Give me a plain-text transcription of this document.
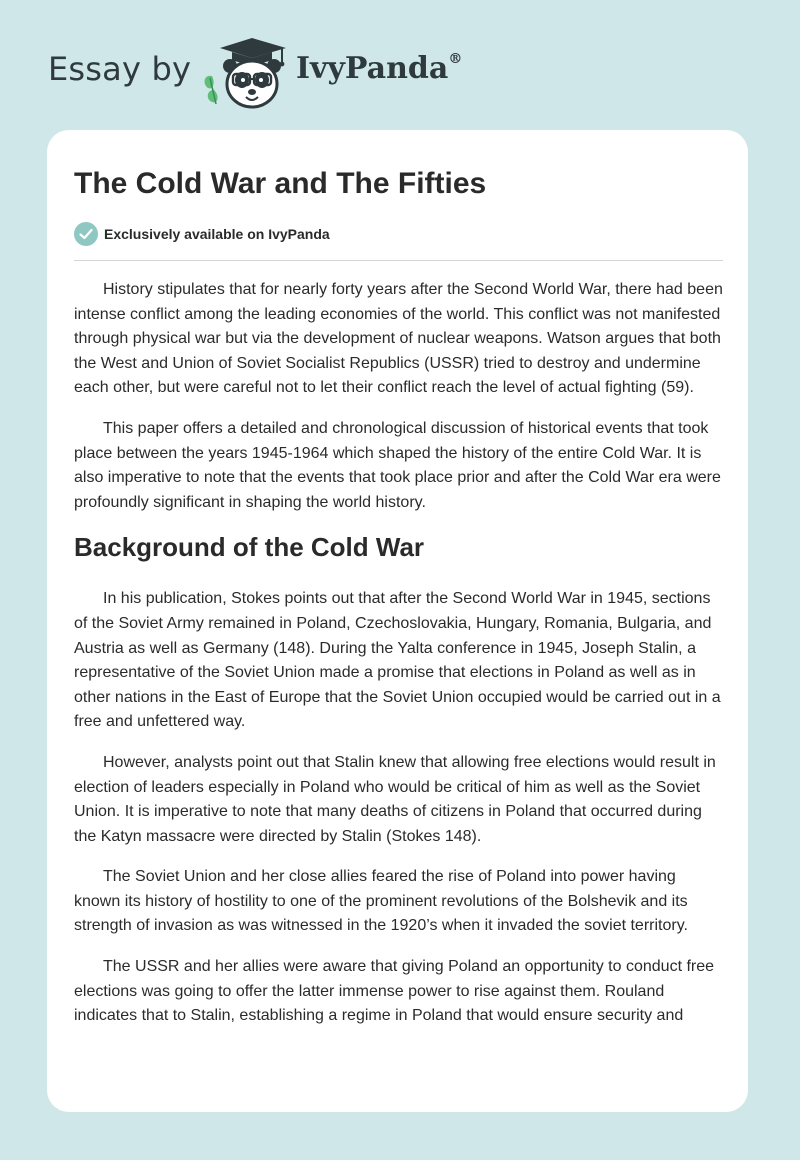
Essay by	IvyPanda®
The Cold War and The Fifties
Exclusively available on IvyPanda

History stipulates that for nearly forty years after the Second World War, there had been intense conflict among the leading economies of the world. This conflict was not manifested through physical war but via the development of nuclear weapons. Watson argues that both the West and Union of Soviet Socialist Republics (USSR) tried to destroy and undermine each other, but were careful not to let their conflict reach the level of actual fighting (59).

This paper offers a detailed and chronological discussion of historical events that took place between the years 1945-1964 which shaped the history of the entire Cold War. It is also imperative to note that the events that took place prior and after the Cold War era were profoundly significant in shaping the world history.

Background of the Cold War

In his publication, Stokes points out that after the Second World War in 1945, sections of the Soviet Army remained in Poland, Czechoslovakia, Hungary, Romania, Bulgaria, and Austria as well as Germany (148). During the Yalta conference in 1945, Joseph Stalin, a representative of the Soviet Union made a promise that elections in Poland as well as in other nations in the East of Europe that the Soviet Union occupied would be carried out in a free and unfettered way.

However, analysts point out that Stalin knew that allowing free elections would result in election of leaders especially in Poland who would be critical of him as well as the Soviet Union. It is imperative to note that many deaths of citizens in Poland that occurred during the Katyn massacre were directed by Stalin (Stokes 148).

The Soviet Union and her close allies feared the rise of Poland into power having known its history of hostility to one of the prominent revolutions of the Bolshevik and its strength of invasion as was witnessed in the 1920’s when it invaded the soviet territory.

The USSR and her allies were aware that giving Poland an opportunity to conduct free elections was going to offer the latter immense power to rise against them. Rouland indicates that to Stalin, establishing a regime in Poland that would ensure security and
